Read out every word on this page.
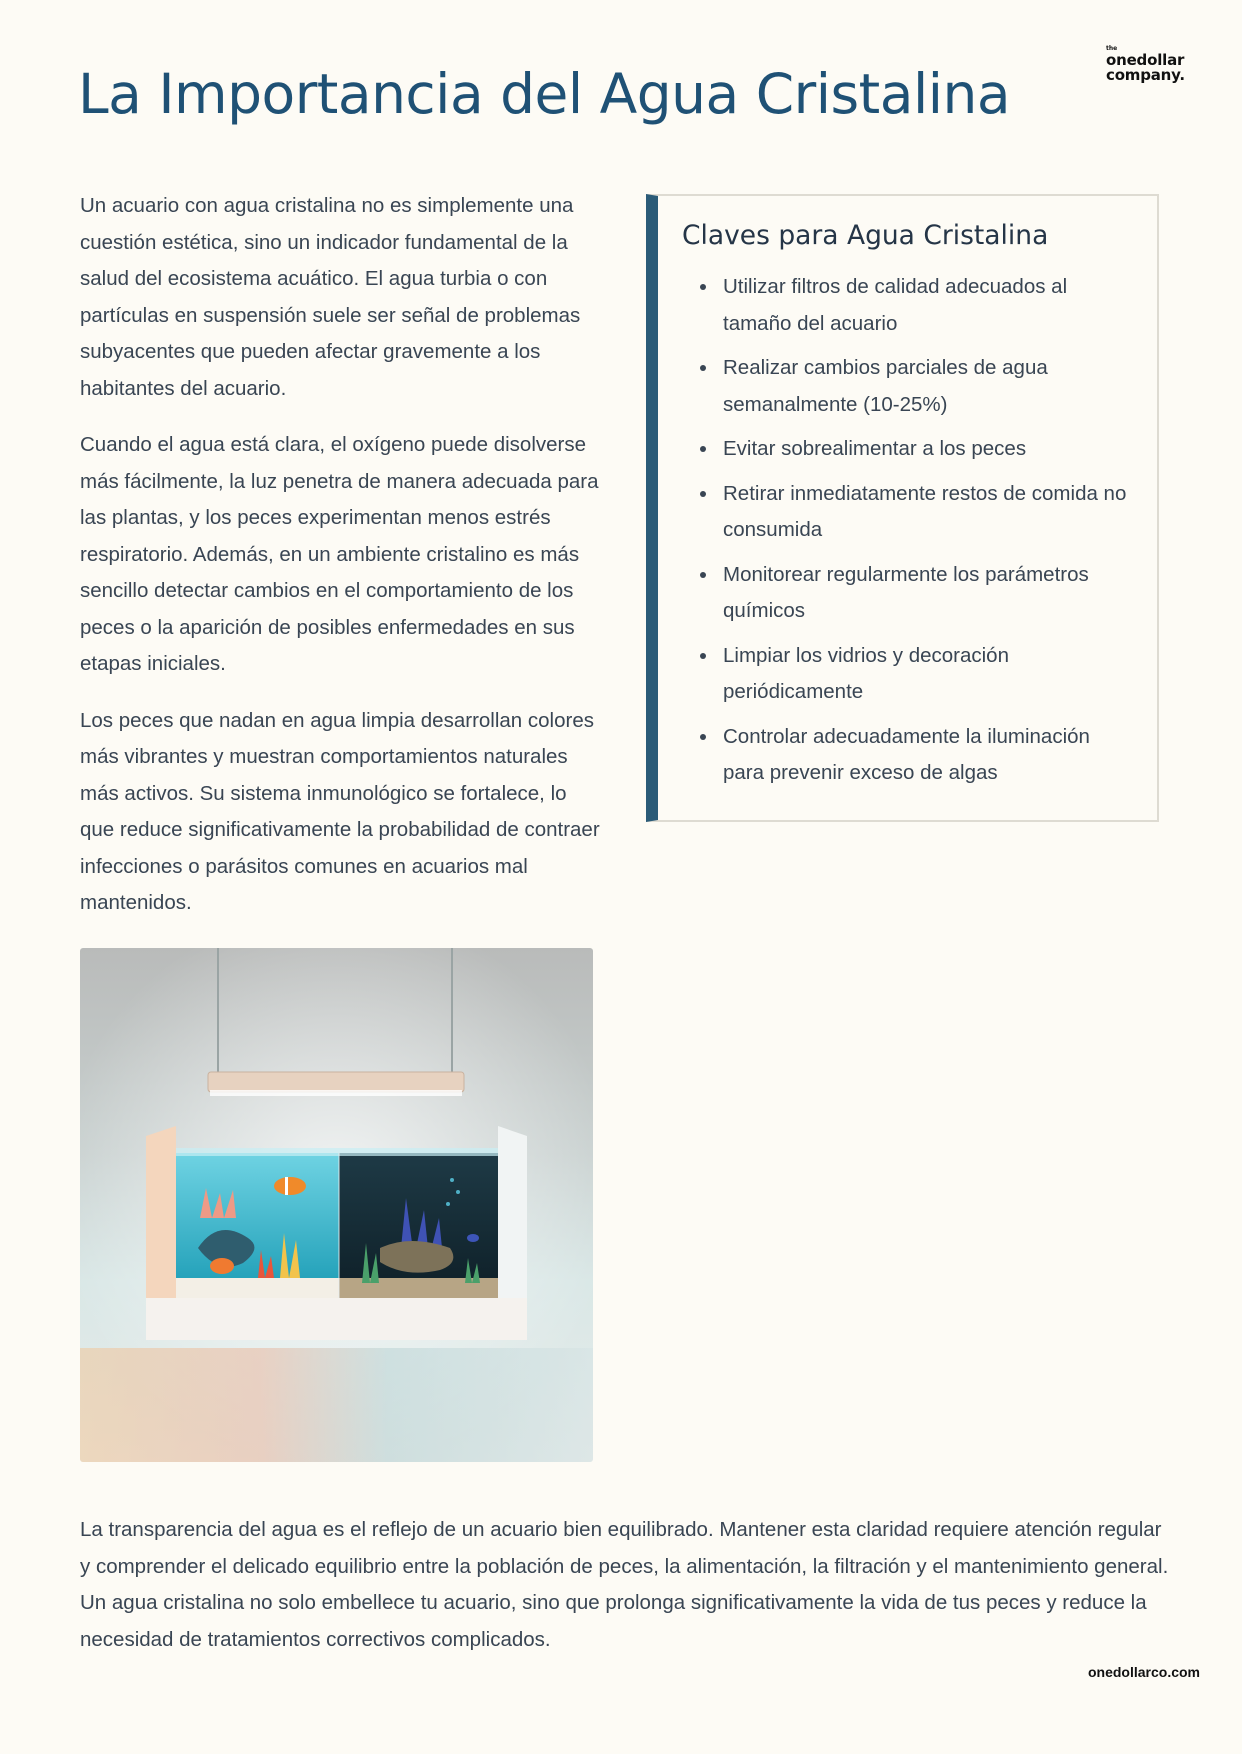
the
onedollar
company.
La Importancia del Agua Cristalina

Un acuario con agua cristalina no es simplemente una cuestión estética, sino un indicador fundamental de la salud del ecosistema acuático. El agua turbia o con partículas en suspensión suele ser señal de problemas subyacentes que pueden afectar gravemente a los habitantes del acuario.

Cuando el agua está clara, el oxígeno puede disolverse más fácilmente, la luz penetra de manera adecuada para las plantas, y los peces experimentan menos estrés respiratorio. Además, en un ambiente cristalino es más sencillo detectar cambios en el comportamiento de los peces o la aparición de posibles enfermedades en sus etapas iniciales.

Los peces que nadan en agua limpia desarrollan colores más vibrantes y muestran comportamientos naturales más activos. Su sistema inmunológico se fortalece, lo que reduce significativamente la probabilidad de contraer infecciones o parásitos comunes en acuarios mal mantenidos.

Claves para Agua Cristalina
• Utilizar filtros de calidad adecuados al tamaño del acuario
• Realizar cambios parciales de agua semanalmente (10-25%)
• Evitar sobrealimentar a los peces
• Retirar inmediatamente restos de comida no consumida
• Monitorear regularmente los parámetros químicos
• Limpiar los vidrios y decoración periódicamente
• Controlar adecuadamente la iluminación para prevenir exceso de algas

La transparencia del agua es el reflejo de un acuario bien equilibrado. Mantener esta claridad requiere atención regular y comprender el delicado equilibrio entre la población de peces, la alimentación, la filtración y el mantenimiento general. Un agua cristalina no solo embellece tu acuario, sino que prolonga significativamente la vida de tus peces y reduce la necesidad de tratamientos correctivos complicados.

onedollarco.com
